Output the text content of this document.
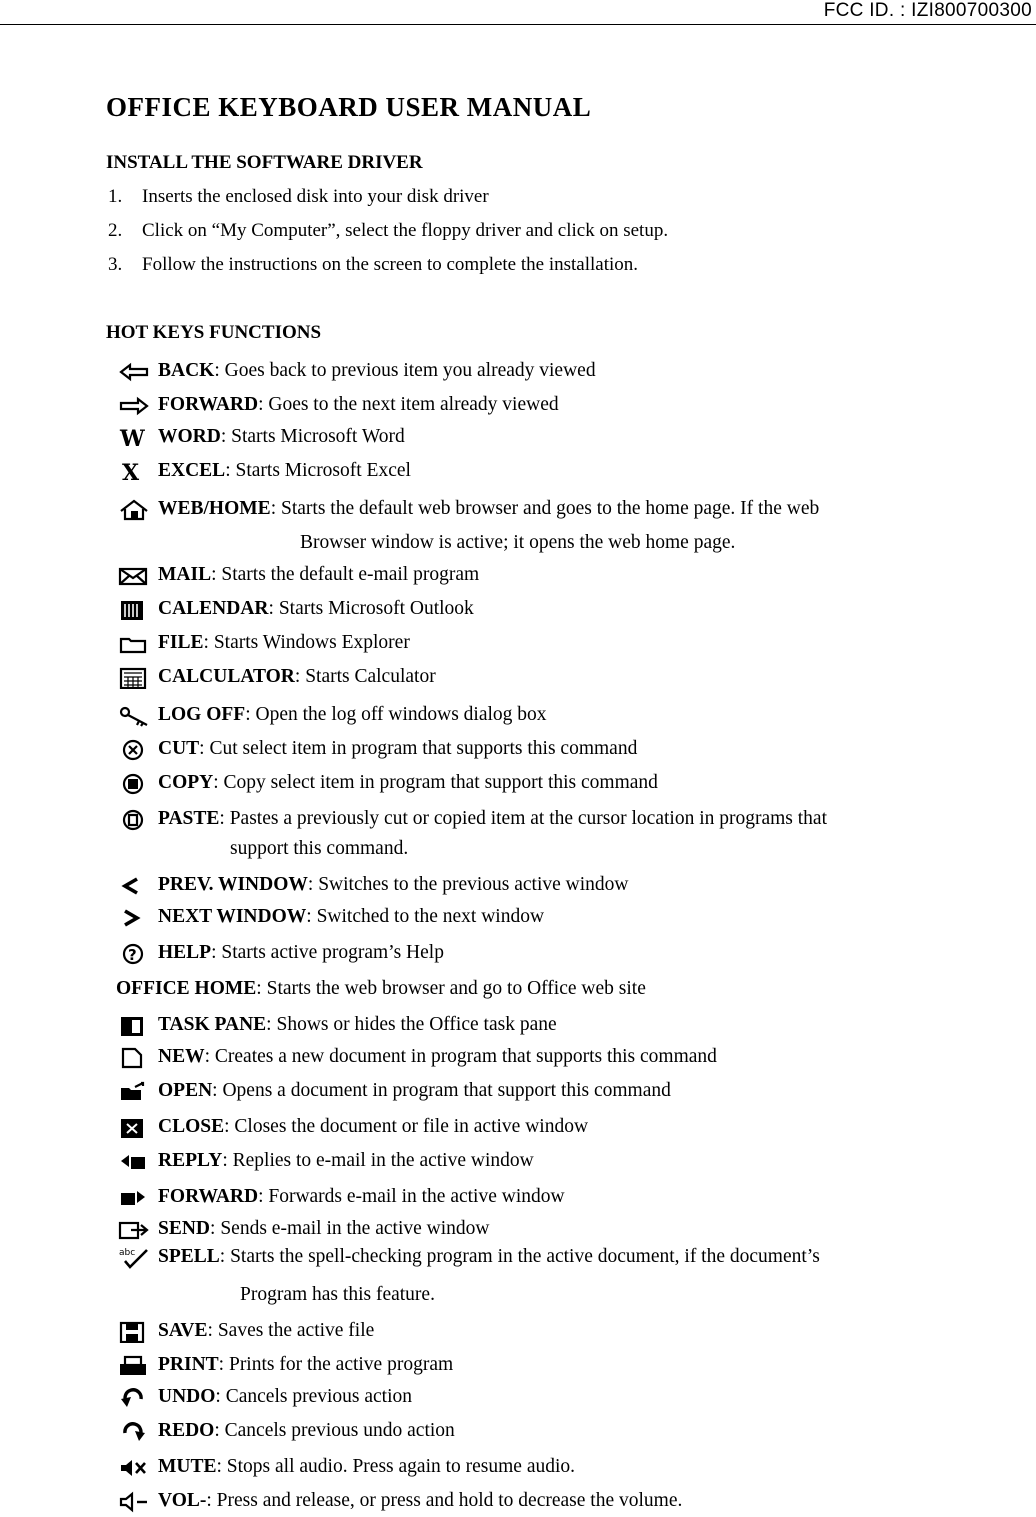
FCC ID. : IZI800700300
OFFICE KEYBOARD USER MANUAL
INSTALL THE SOFTWARE DRIVER
1. Inserts the enclosed disk into your disk driver
2. Click on “My Computer”, select the floppy driver and click on setup.
3. Follow the instructions on the screen to complete the installation.
HOT KEYS FUNCTIONS
BACK: Goes back to previous item you already viewed
FORWARD: Goes to the next item already viewed
W WORD: Starts Microsoft Word
X EXCEL: Starts Microsoft Excel
WEB/HOME: Starts the default web browser and goes to the home page. If the web
Browser window is active; it opens the web home page.
MAIL: Starts the default e-mail program
CALENDAR: Starts Microsoft Outlook
FILE: Starts Windows Explorer
CALCULATOR: Starts Calculator
LOG OFF: Open the log off windows dialog box
CUT: Cut select item in program that supports this command
COPY: Copy select item in program that support this command
PASTE: Pastes a previously cut or copied item at the cursor location in programs that
support this command.
PREV. WINDOW: Switches to the previous active window
NEXT WINDOW: Switched to the next window
? HELP: Starts active program’s Help
OFFICE HOME: Starts the web browser and go to Office web site
TASK PANE: Shows or hides the Office task pane
NEW: Creates a new document in program that supports this command
OPEN: Opens a document in program that support this command
CLOSE: Closes the document or file in active window
REPLY: Replies to e-mail in the active window
FORWARD: Forwards e-mail in the active window
SEND: Sends e-mail in the active window
abc SPELL: Starts the spell-checking program in the active document, if the document’s
Program has this feature.
SAVE: Saves the active file
PRINT: Prints for the active program
UNDO: Cancels previous action
REDO: Cancels previous undo action
MUTE: Stops all audio. Press again to resume audio.
VOL-: Press and release, or press and hold to decrease the volume.
